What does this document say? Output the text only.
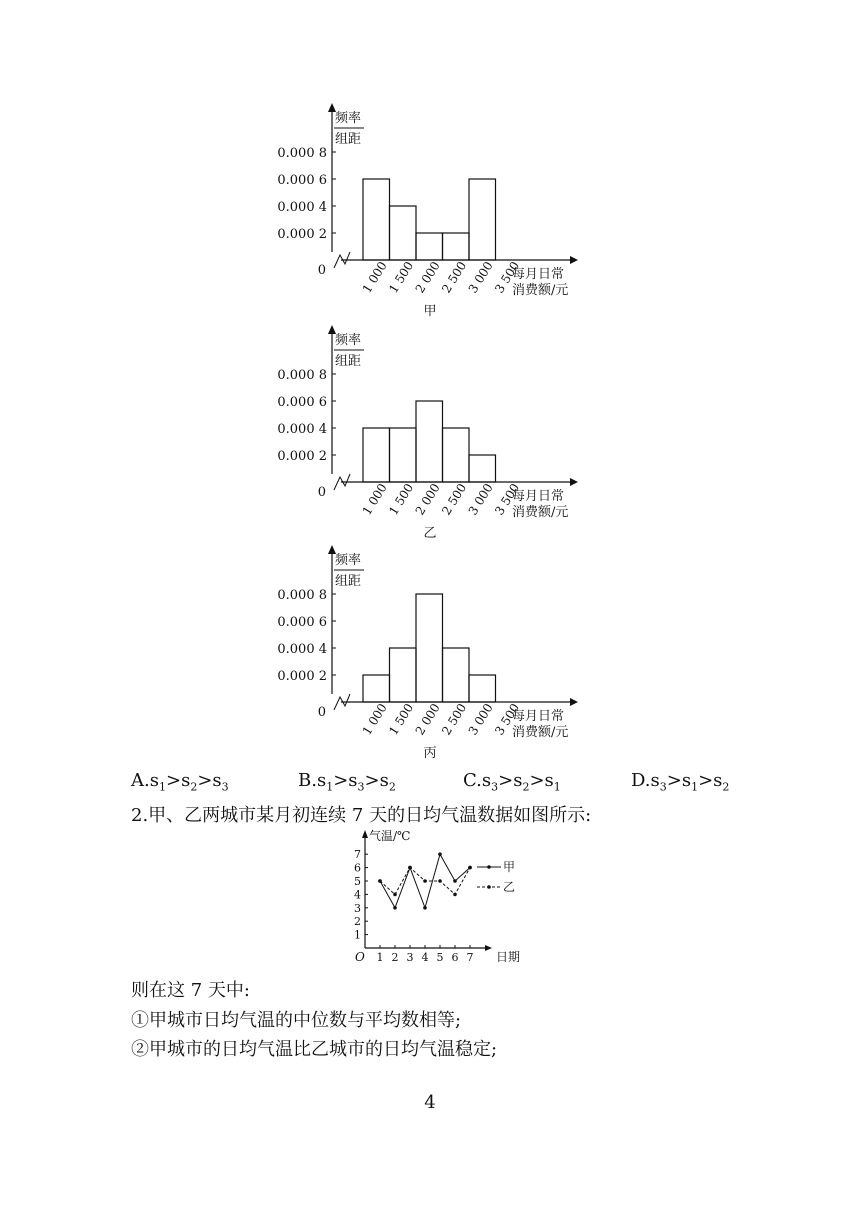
频率
组距
0
0.000 2
0.000 4
0.000 6
0.000 8
1 000
1 500
2 000
2 500
3 000
3 500
每月日常
消费额/元
甲
频率
组距
0
0.000 2
0.000 4
0.000 6
0.000 8
1 000
1 500
2 000
2 500
3 000
3 500
每月日常
消费额/元
乙
频率
组距
0
0.000 2
0.000 4
0.000 6
0.000 8
1 000
1 500
2 000
2 500
3 000
3 500
每月日常
消费额/元
丙
$A.s_1>s_2>s_3$	$B.s_1>s_3>s_2$	$C.s_3>s_2>s_1$	$D.s_3>s_1>s_2$
2.甲、乙两城市某月初连续 7 天的日均气温数据如图所示:
气温/℃
日期
O
1
2
3
4
5
6
7
1 2 3 4 5 6 7
甲
乙
则在这 7 天中:
①甲城市日均气温的中位数与平均数相等;
②甲城市的日均气温比乙城市的日均气温稳定;
4
